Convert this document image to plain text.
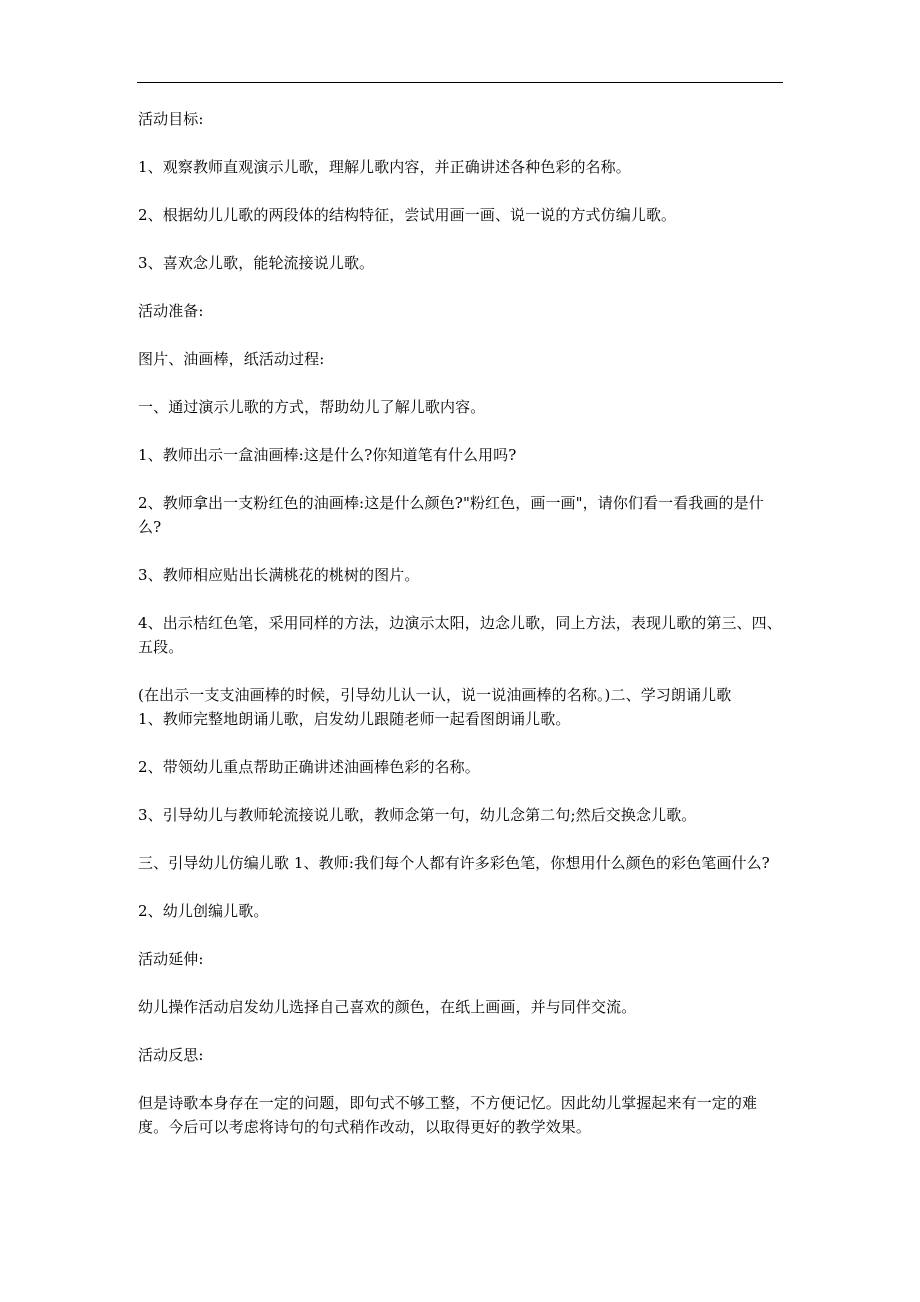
活动目标:

1、观察教师直观演示儿歌，理解儿歌内容，并正确讲述各种色彩的名称。

2、根据幼儿儿歌的两段体的结构特征，尝试用画一画、说一说的方式仿编儿歌。

3、喜欢念儿歌，能轮流接说儿歌。

活动准备:

图片、油画棒，纸活动过程:

一、通过演示儿歌的方式，帮助幼儿了解儿歌内容。

1、教师出示一盒油画棒:这是什么?你知道笔有什么用吗?

2、教师拿出一支粉红色的油画棒:这是什么颜色?"粉红色，画一画"，请你们看一看我画的是什么?

3、教师相应贴出长满桃花的桃树的图片。

4、出示桔红色笔，采用同样的方法，边演示太阳，边念儿歌，同上方法，表现儿歌的第三、四、五段。

(在出示一支支油画棒的时候，引导幼儿认一认，说一说油画棒的名称。)二、学习朗诵儿歌

1、教师完整地朗诵儿歌，启发幼儿跟随老师一起看图朗诵儿歌。

2、带领幼儿重点帮助正确讲述油画棒色彩的名称。

3、引导幼儿与教师轮流接说儿歌，教师念第一句，幼儿念第二句;然后交换念儿歌。

三、引导幼儿仿编儿歌 1、教师:我们每个人都有许多彩色笔，你想用什么颜色的彩色笔画什么?

2、幼儿创编儿歌。

活动延伸:

幼儿操作活动启发幼儿选择自己喜欢的颜色，在纸上画画，并与同伴交流。

活动反思:

但是诗歌本身存在一定的问题，即句式不够工整，不方便记忆。因此幼儿掌握起来有一定的难度。今后可以考虑将诗句的句式稍作改动，以取得更好的教学效果。
